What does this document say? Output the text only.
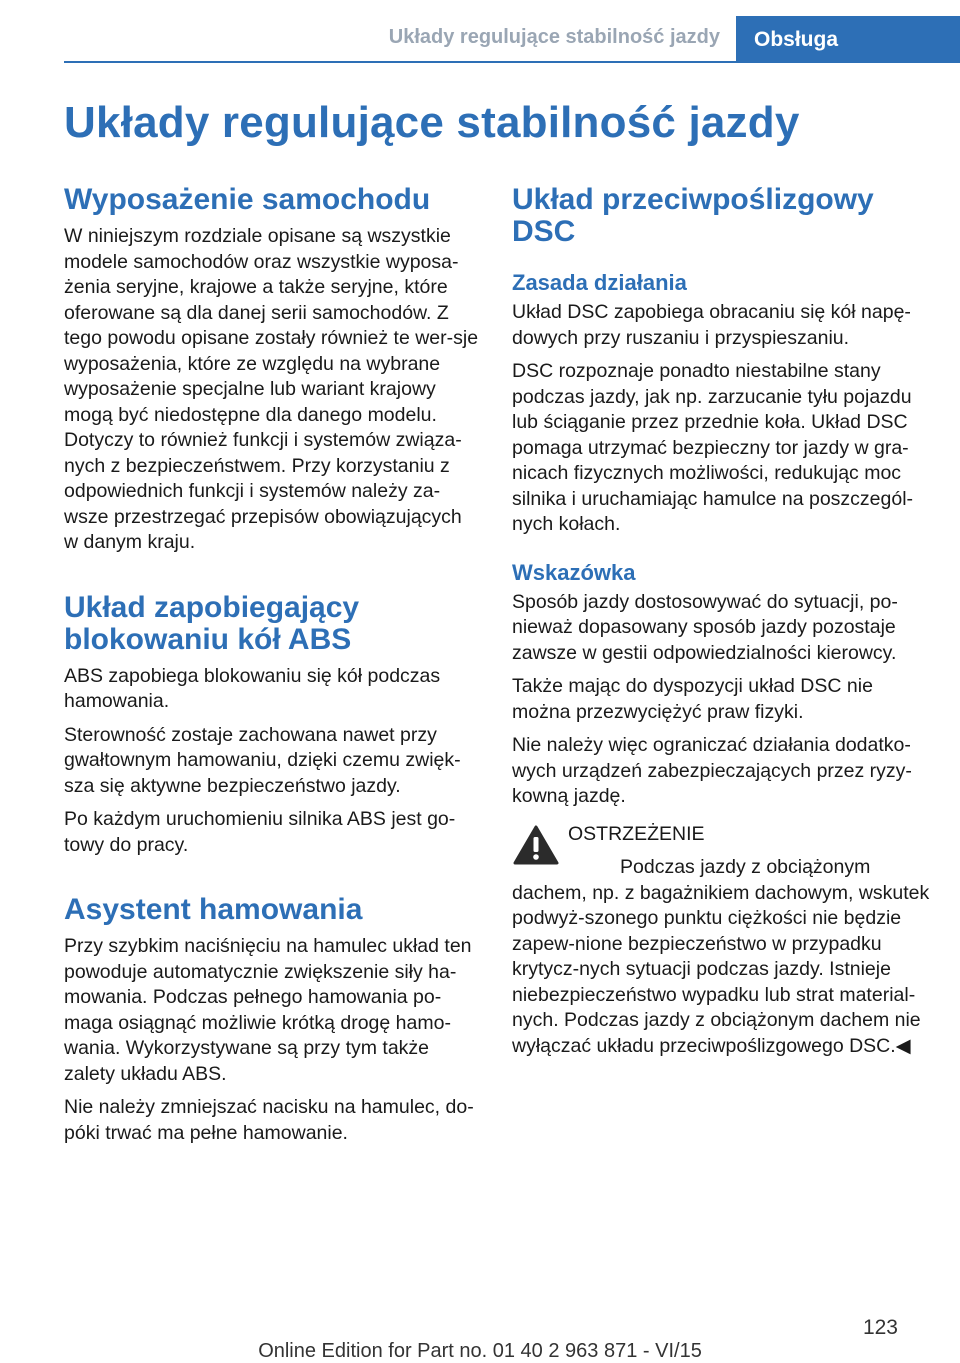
Układy regulujące stabilność jazdy	Obsługa
Układy regulujące stabilność jazdy
Wyposażenie samochodu

W niniejszym rozdziale opisane są wszystkie modele samochodów oraz wszystkie wyposa‐żenia seryjne, krajowe a także seryjne, które oferowane są dla danej serii samochodów. Z tego powodu opisane zostały również te wer‐sje wyposażenia, które ze względu na wybrane wyposażenie specjalne lub wariant krajowy mogą być niedostępne dla danego modelu. Dotyczy to również funkcji i systemów związa‐nych z bezpieczeństwem. Przy korzystaniu z odpowiednich funkcji i systemów należy za‐wsze przestrzegać przepisów obowiązujących w danym kraju.

Układ zapobiegający blokowaniu kół ABS

ABS zapobiega blokowaniu się kół podczas hamowania.

Sterowność zostaje zachowana nawet przy gwałtownym hamowaniu, dzięki czemu zwięk‐sza się aktywne bezpieczeństwo jazdy.

Po każdym uruchomieniu silnika ABS jest go‐towy do pracy.

Asystent hamowania

Przy szybkim naciśnięciu na hamulec układ ten powoduje automatycznie zwiększenie siły ha‐mowania. Podczas pełnego hamowania po‐maga osiągnąć możliwie krótką drogę hamo‐wania. Wykorzystywane są przy tym także zalety układu ABS.

Nie należy zmniejszać nacisku na hamulec, do‐póki trwać ma pełne hamowanie.

Układ przeciwpoślizgowy DSC
Zasada działania

Układ DSC zapobiega obracaniu się kół napę‐dowych przy ruszaniu i przyspieszaniu.

DSC rozpoznaje ponadto niestabilne stany podczas jazdy, jak np. zarzucanie tyłu pojazdu lub ściąganie przez przednie koła. Układ DSC pomaga utrzymać bezpieczny tor jazdy w gra‐nicach fizycznych możliwości, redukując moc silnika i uruchamiając hamulce na poszczegól‐nych kołach.

Wskazówka

Sposób jazdy dostosowywać do sytuacji, po‐nieważ dopasowany sposób jazdy pozostaje zawsze w gestii odpowiedzialności kierowcy.

Także mając do dyspozycji układ DSC nie można przezwyciężyć praw fizyki.

Nie należy więc ograniczać działania dodatko‐wych urządzeń zabezpieczających przez ryzy‐kowną jazdę.

OSTRZEŻENIE

Podczas jazdy z obciążonym dachem, np. z bagażnikiem dachowym, wskutek podwyż‐szonego punktu ciężkości nie będzie zapew‐nione bezpieczeństwo w przypadku krytycz‐nych sytuacji podczas jazdy. Istnieje niebezpieczeństwo wypadku lub strat material‐nych. Podczas jazdy z obciążonym dachem nie wyłączać układu przeciwpoślizgowego DSC.◀

123
Online Edition for Part no. 01 40 2 963 871 - VI/15
